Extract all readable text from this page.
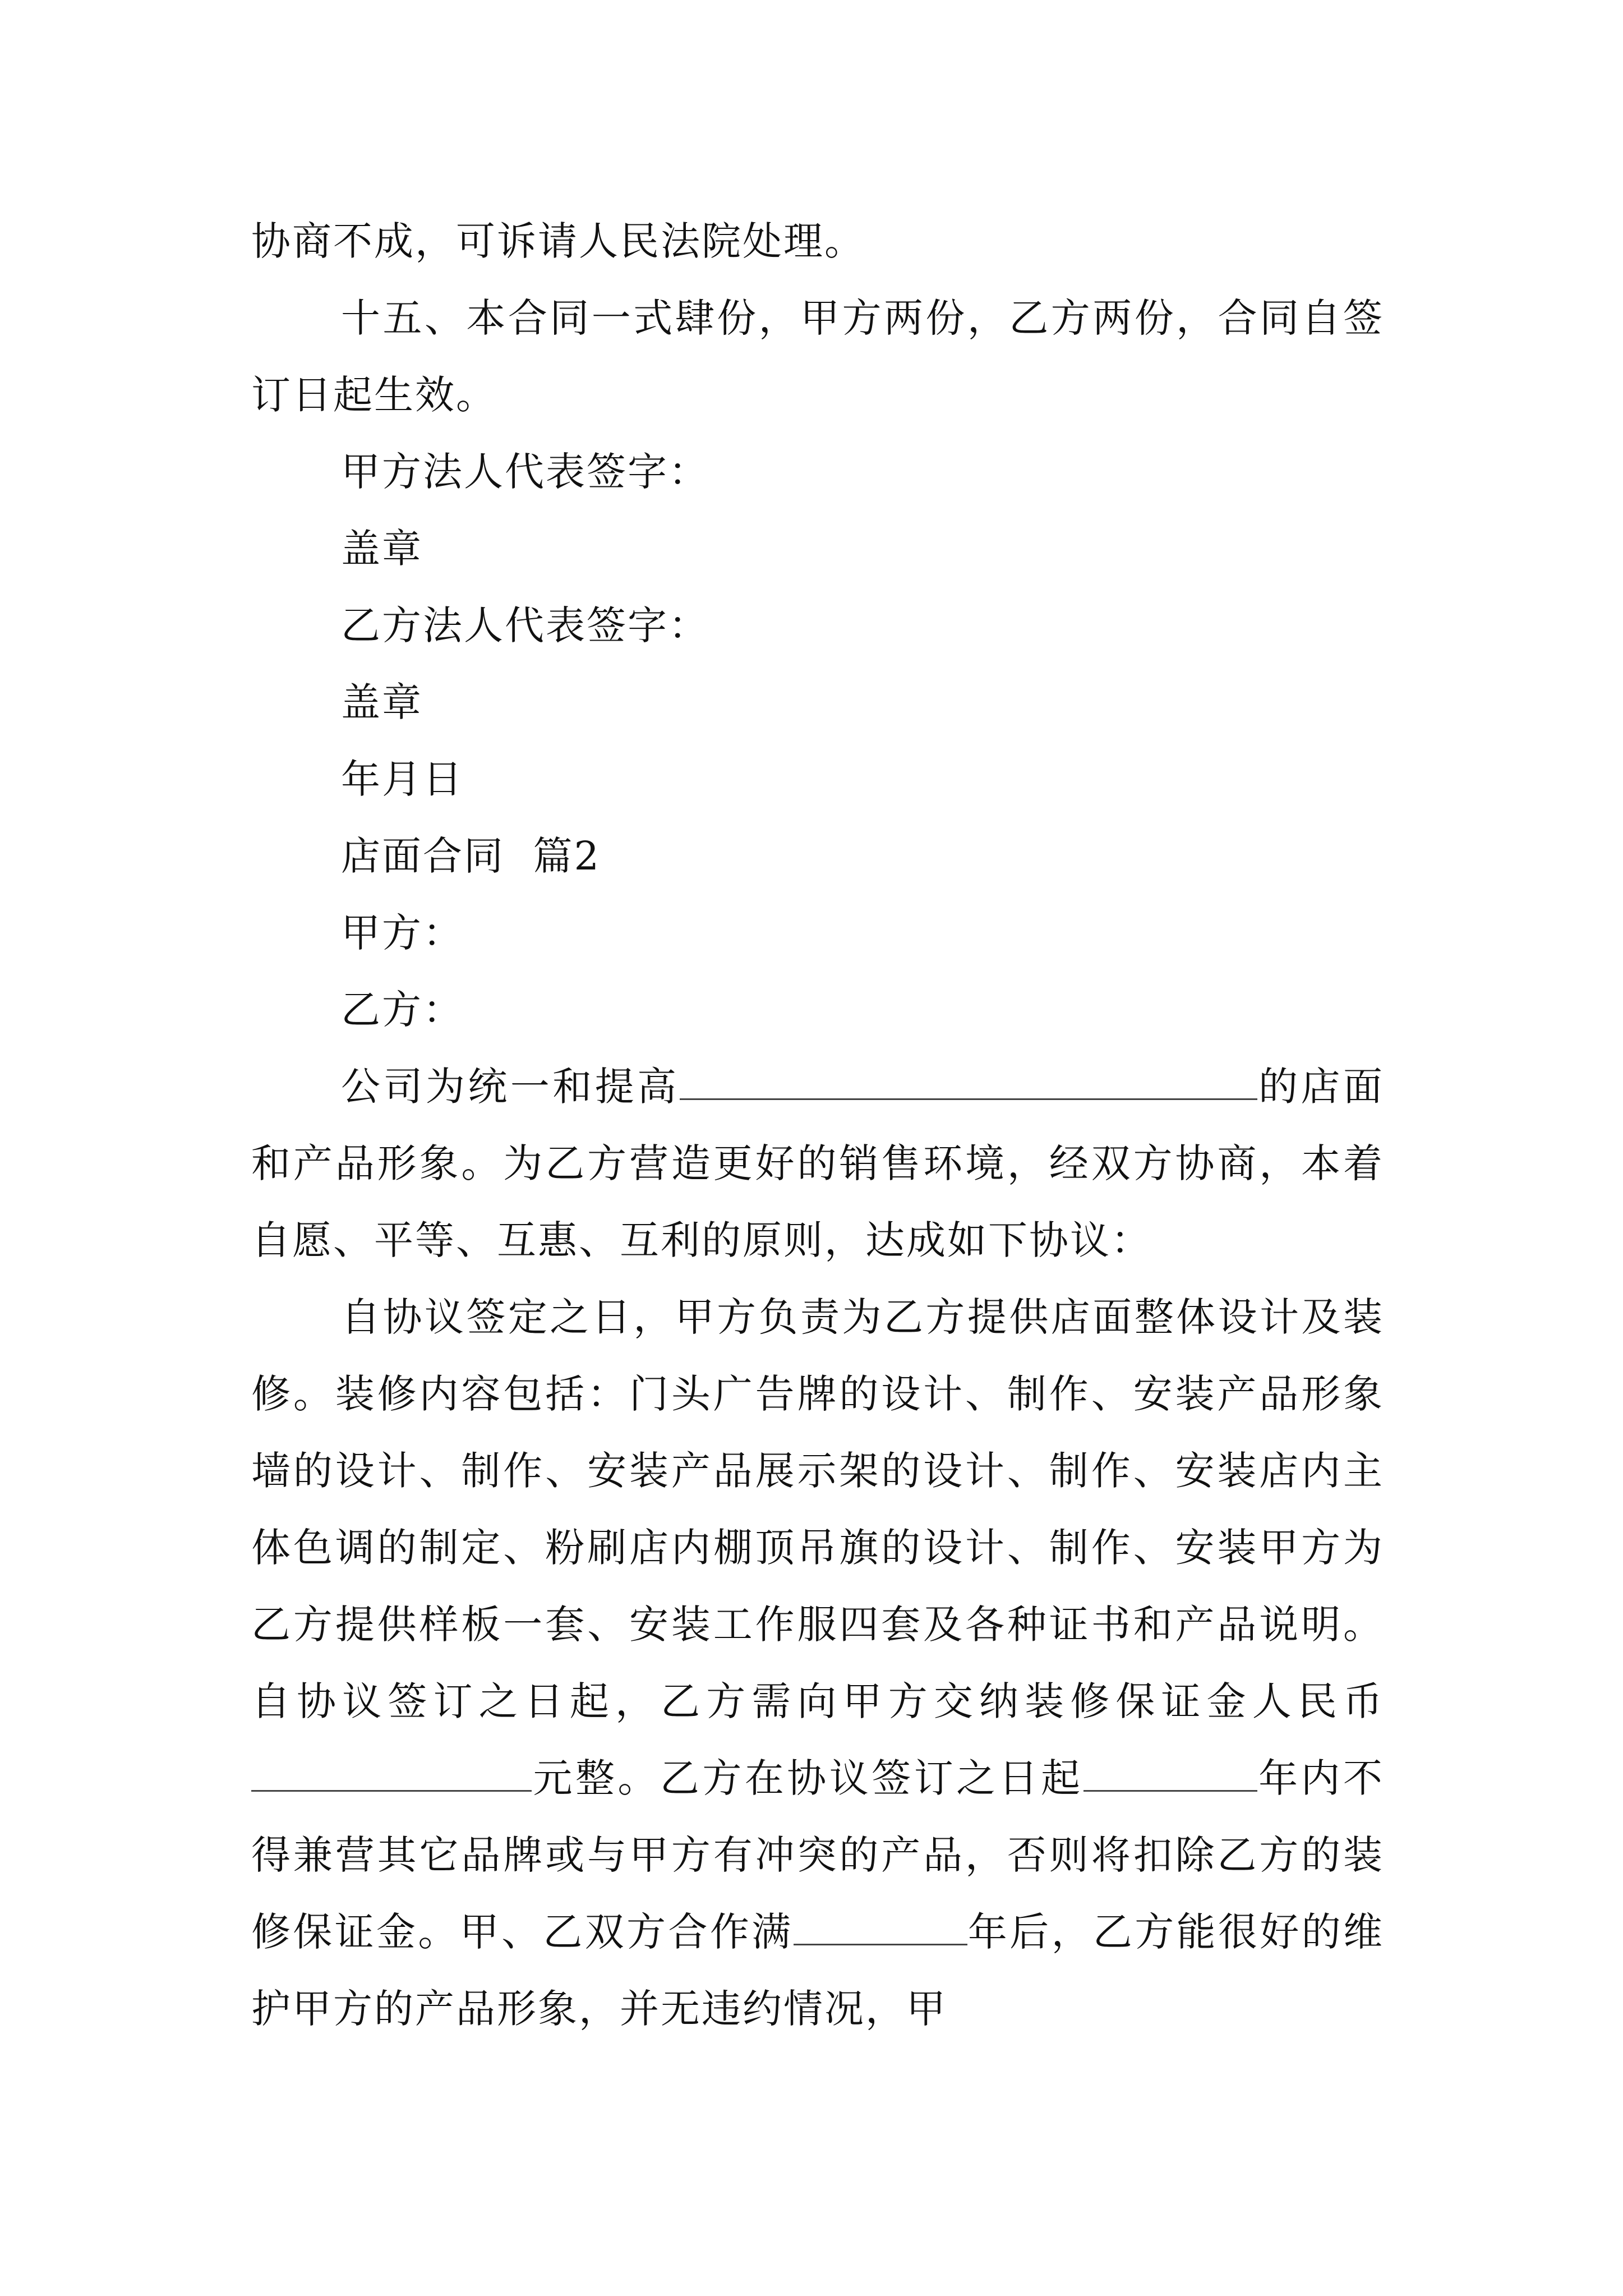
协商不成，可诉请人民法院处理。

十五、本合同一式肆份，甲方两份，乙方两份，合同自签订日起生效。

甲方法人代表签字：

盖章

乙方法人代表签字：

盖章

年月日

店面合同  篇2

甲方：

乙方：

公司为统一和提高	的店面和产品形象。为乙方营造更好的销售环境，经双方协商，本着自愿、平等、互惠、互利的原则，达成如下协议：

自协议签定之日，甲方负责为乙方提供店面整体设计及装修。装修内容包括：门头广告牌的设计、制作、安装产品形象墙的设计、制作、安装产品展示架的设计、制作、安装店内主体色调的制定、粉刷店内棚顶吊旗的设计、制作、安装甲方为乙方提供样板一套、安装工作服四套及各种证书和产品说明。自协议签订之日起，乙方需向甲方交纳装修保证金人民币元整。乙方在协议签订之日起	年内不得兼营其它品牌或与甲方有冲突的产品，否则将扣除乙方的装修保证金。甲、乙双方合作满	年后，乙方能很好的维护甲方的产品形象，并无违约情况，甲
